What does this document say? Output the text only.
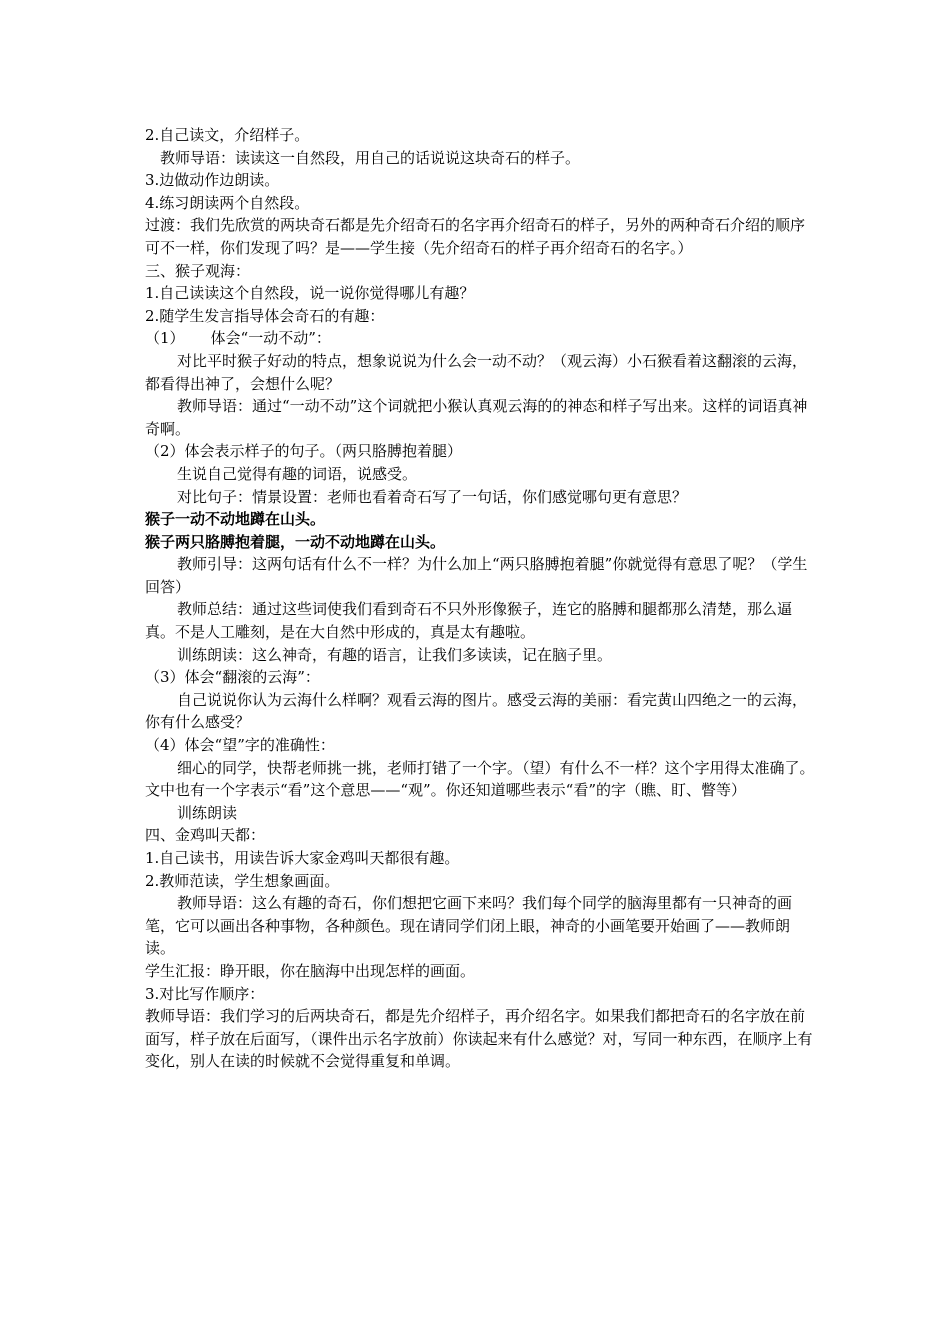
2.自己读文，介绍样子。

教师导语：读读这一自然段，用自己的话说说这块奇石的样子。

3.边做动作边朗读。

4.练习朗读两个自然段。

过渡：我们先欣赏的两块奇石都是先介绍奇石的名字再介绍奇石的样子，另外的两种奇石介绍的顺序可不一样，你们发现了吗？是——学生接（先介绍奇石的样子再介绍奇石的名字。）

三、猴子观海：

1.自己读读这个自然段，说一说你觉得哪儿有趣？

2.随学生发言指导体会奇石的有趣：

（1） 体会“一动不动”：

对比平时猴子好动的特点，想象说说为什么会一动不动？（观云海）小石猴看着这翻滚的云海，都看得出神了，会想什么呢？

教师导语：通过“一动不动”这个词就把小猴认真观云海的的神态和样子写出来。这样的词语真神奇啊。

（2）体会表示样子的句子。（两只胳膊抱着腿）

生说自己觉得有趣的词语，说感受。

对比句子：情景设置：老师也看着奇石写了一句话，你们感觉哪句更有意思？

猴子一动不动地蹲在山头。

猴子两只胳膊抱着腿，一动不动地蹲在山头。

教师引导：这两句话有什么不一样？为什么加上“两只胳膊抱着腿”你就觉得有意思了呢？（学生回答）

教师总结：通过这些词使我们看到奇石不只外形像猴子，连它的胳膊和腿都那么清楚，那么逼真。不是人工雕刻，是在大自然中形成的，真是太有趣啦。

训练朗读：这么神奇，有趣的语言，让我们多读读，记在脑子里。

（3）体会“翻滚的云海”：

自己说说你认为云海什么样啊？观看云海的图片。感受云海的美丽：看完黄山四绝之一的云海，你有什么感受？

（4）体会“望”字的准确性：

细心的同学，快帮老师挑一挑，老师打错了一个字。（望）有什么不一样？这个字用得太准确了。文中也有一个字表示“看”这个意思——“观”。你还知道哪些表示“看”的字（瞧、盯、瞥等）

训练朗读

四、金鸡叫天都：

1.自己读书，用读告诉大家金鸡叫天都很有趣。

2.教师范读，学生想象画面。

教师导语：这么有趣的奇石，你们想把它画下来吗？我们每个同学的脑海里都有一只神奇的画笔，它可以画出各种事物，各种颜色。现在请同学们闭上眼，神奇的小画笔要开始画了——教师朗读。

学生汇报：睁开眼，你在脑海中出现怎样的画面。

3.对比写作顺序：

教师导语：我们学习的后两块奇石，都是先介绍样子，再介绍名字。如果我们都把奇石的名字放在前面写，样子放在后面写，（课件出示名字放前）你读起来有什么感觉？对，写同一种东西，在顺序上有变化，别人在读的时候就不会觉得重复和单调。
